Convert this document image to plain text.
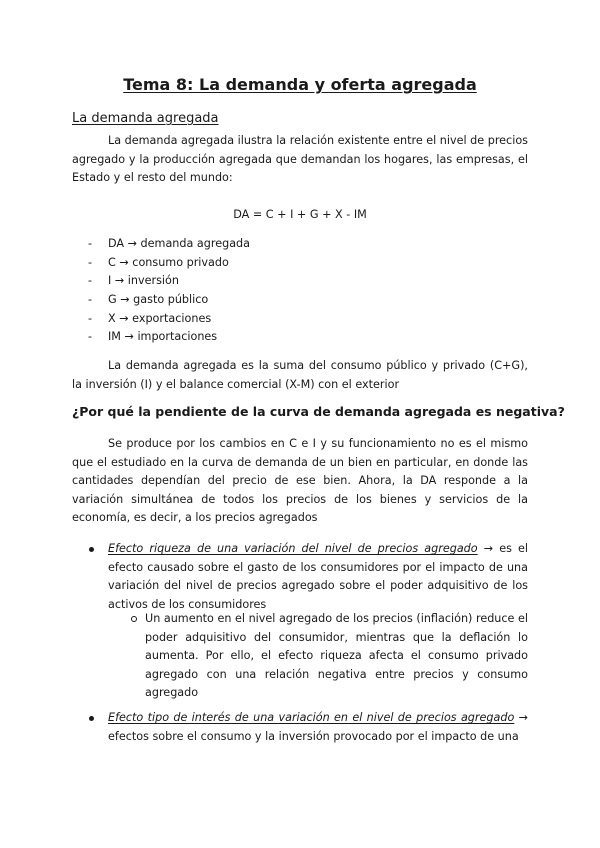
Tema 8: La demanda y oferta agregada
La demanda agregada

La demanda agregada ilustra la relación existente entre el nivel de precios agregado y la producción agregada que demandan los hogares, las empresas, el Estado y el resto del mundo:

DA = C + I + G + X - IM
- DA → demanda agregada
- C → consumo privado
- I → inversión
- G → gasto público
- X → exportaciones
- IM → importaciones

La demanda agregada es la suma del consumo público y privado (C+G), la inversión (I) y el balance comercial (X-M) con el exterior

¿Por qué la pendiente de la curva de demanda agregada es negativa?

Se produce por los cambios en C e I y su funcionamiento no es el mismo que el estudiado en la curva de demanda de un bien en particular, en donde las cantidades dependían del precio de ese bien. Ahora, la DA responde a la variación simultánea de todos los precios de los bienes y servicios de la economía, es decir, a los precios agregados

Efecto riqueza de una variación del nivel de precios agregado → es el efecto causado sobre el gasto de los consumidores por el impacto de una variación del nivel de precios agregado sobre el poder adquisitivo de los activos de los consumidores

Un aumento en el nivel agregado de los precios (inflación) reduce el poder adquisitivo del consumidor, mientras que la deflación lo aumenta. Por ello, el efecto riqueza afecta el consumo privado agregado con una relación negativa entre precios y consumo agregado

Efecto tipo de interés de una variación en el nivel de precios agregado → efectos sobre el consumo y la inversión provocado por el impacto de una
